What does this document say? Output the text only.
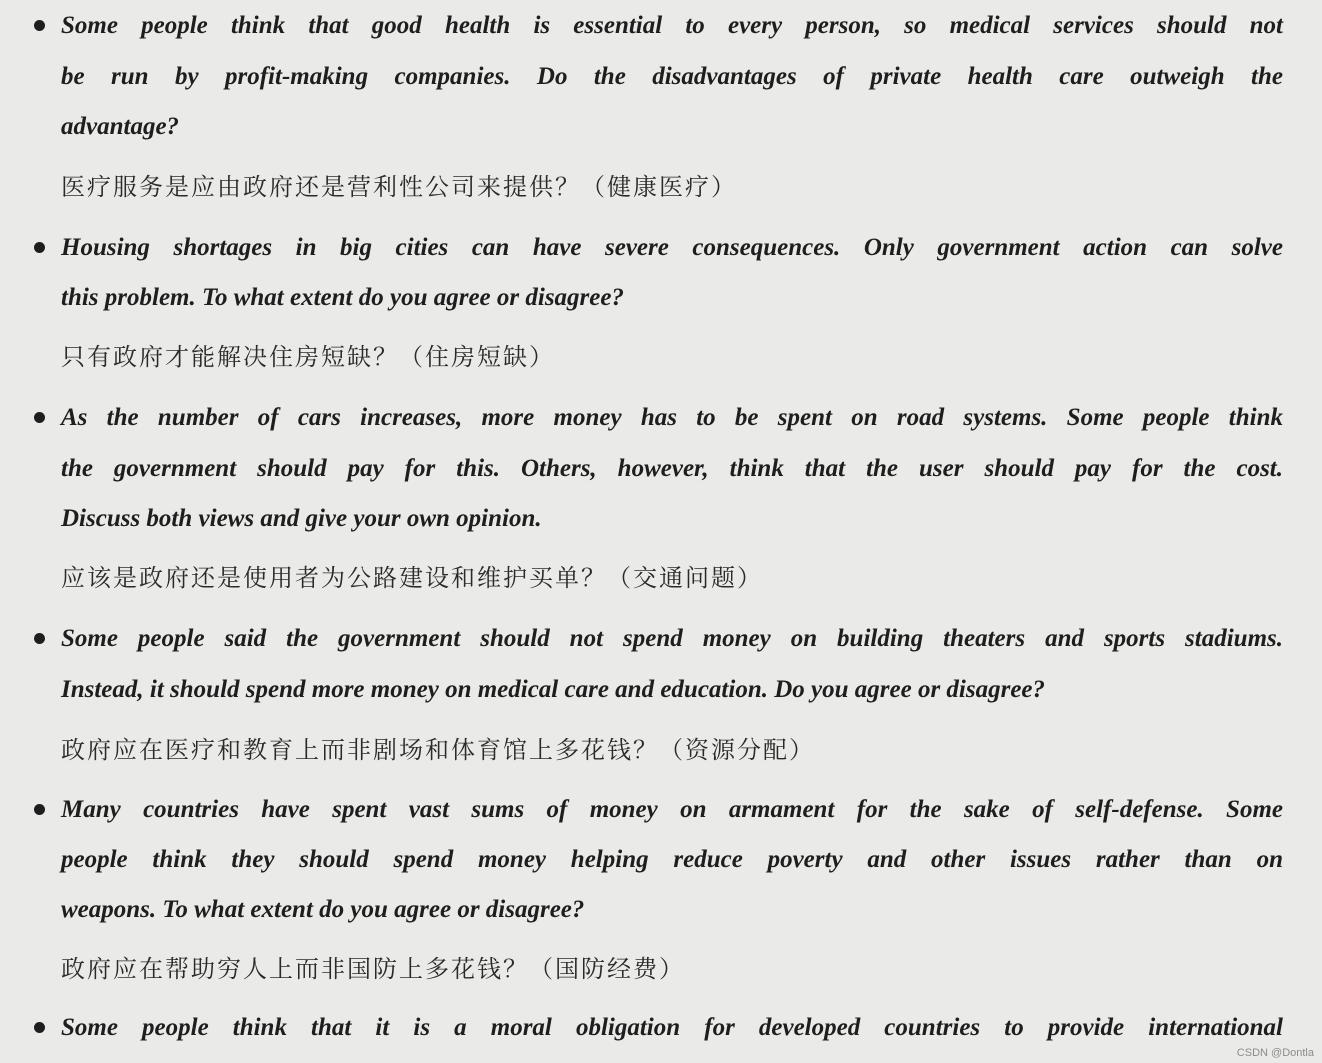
Some people think that good health is essential to every person, so medical services should not
be run by profit-making companies. Do the disadvantages of private health care outweigh the
advantage?
医疗服务是应由政府还是营利性公司来提供？（健康医疗）
Housing shortages in big cities can have severe consequences. Only government action can solve
this problem. To what extent do you agree or disagree?
只有政府才能解决住房短缺？（住房短缺）
As the number of cars increases, more money has to be spent on road systems. Some people think
the government should pay for this. Others, however, think that the user should pay for the cost.
Discuss both views and give your own opinion.
应该是政府还是使用者为公路建设和维护买单？（交通问题）
Some people said the government should not spend money on building theaters and sports stadiums.
Instead, it should spend more money on medical care and education. Do you agree or disagree?
政府应在医疗和教育上而非剧场和体育馆上多花钱？（资源分配）
Many countries have spent vast sums of money on armament for the sake of self-defense. Some
people think they should spend money helping reduce poverty and other issues rather than on
weapons. To what extent do you agree or disagree?
政府应在帮助穷人上而非国防上多花钱？（国防经费）
Some people think that it is a moral obligation for developed countries to provide international
CSDN @Dontla
